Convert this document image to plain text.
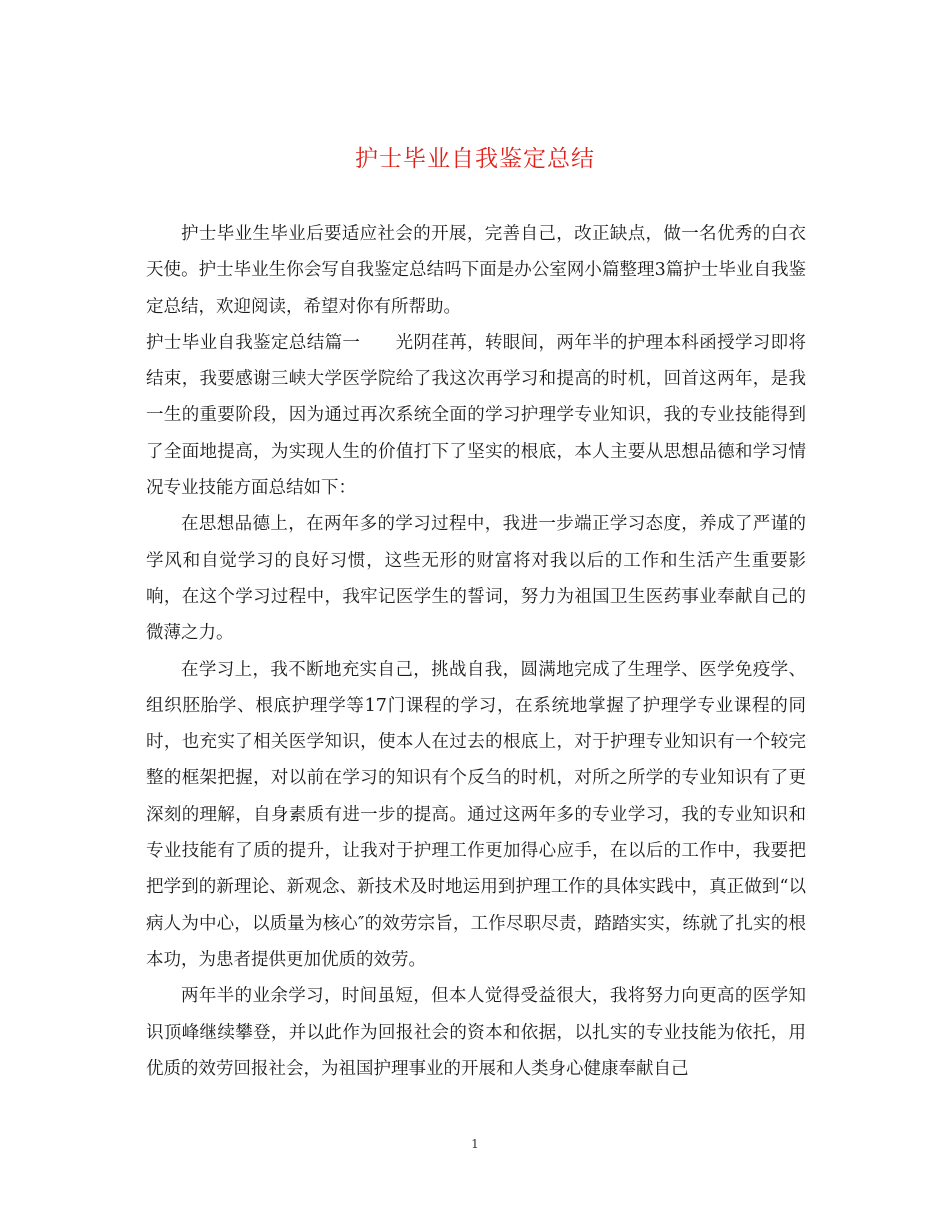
护士毕业自我鉴定总结

护士毕业生毕业后要适应社会的开展，完善自己，改正缺点，做一名优秀的白衣天使。护士毕业生你会写自我鉴定总结吗下面是办公室网小篇整理3篇护士毕业自我鉴定总结，欢迎阅读，希望对你有所帮助。

护士毕业自我鉴定总结篇一 光阴荏苒，转眼间，两年半的护理本科函授学习即将结束，我要感谢三峡大学医学院给了我这次再学习和提高的时机，回首这两年，是我一生的重要阶段，因为通过再次系统全面的学习护理学专业知识，我的专业技能得到了全面地提高，为实现人生的价值打下了坚实的根底，本人主要从思想品德和学习情况专业技能方面总结如下：

在思想品德上，在两年多的学习过程中，我进一步端正学习态度，养成了严谨的学风和自觉学习的良好习惯，这些无形的财富将对我以后的工作和生活产生重要影响，在这个学习过程中，我牢记医学生的誓词，努力为祖国卫生医药事业奉献自己的微薄之力。

在学习上，我不断地充实自己，挑战自我，圆满地完成了生理学、医学免疫学、组织胚胎学、根底护理学等17门课程的学习，在系统地掌握了护理学专业课程的同时，也充实了相关医学知识，使本人在过去的根底上，对于护理专业知识有一个较完整的框架把握，对以前在学习的知识有个反刍的时机，对所之所学的专业知识有了更深刻的理解，自身素质有进一步的提高。通过这两年多的专业学习，我的专业知识和专业技能有了质的提升，让我对于护理工作更加得心应手，在以后的工作中，我要把把学到的新理论、新观念、新技术及时地运用到护理工作的具体实践中，真正做到“以病人为中心，以质量为核心″的效劳宗旨，工作尽职尽责，踏踏实实，练就了扎实的根本功，为患者提供更加优质的效劳。

两年半的业余学习，时间虽短，但本人觉得受益很大，我将努力向更高的医学知识顶峰继续攀登，并以此作为回报社会的资本和依据，以扎实的专业技能为依托，用优质的效劳回报社会，为祖国护理事业的开展和人类身心健康奉献自己

1
